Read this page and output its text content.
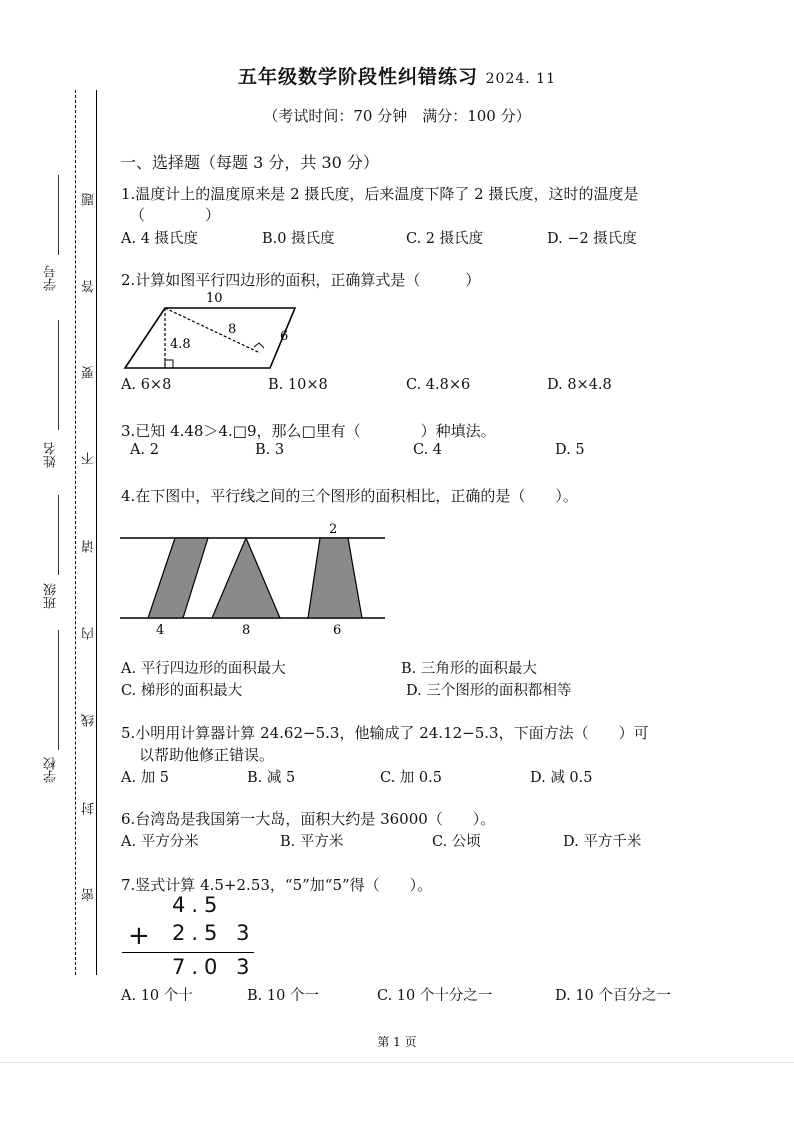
学号
姓名
班级
学校
题
答
要
不
请
内
线
封
密
五年级数学阶段性纠错练习 2024. 11
（考试时间：70 分钟　满分：100 分）
一、选择题（每题 3 分，共 30 分）
1.温度计上的温度原来是 2 摄氏度，后来温度下降了 2 摄氏度，这时的温度是
（　　　　）
A. 4 摄氏度	B.0 摄氏度	C. 2 摄氏度	D. −2 摄氏度
2.计算如图平行四边形的面积，正确算式是（　　　）
10
8	6
4.8
A. 6×8	B. 10×8	C. 4.8×6	D. 8×4.8
3.已知 4.48＞4.□9，那么□里有（　　　　）种填法。
A. 2	B. 3	C. 4	D. 5
4.在下图中，平行线之间的三个图形的面积相比，正确的是（　　）。
2
4	8	6
A. 平行四边形的面积最大	B. 三角形的面积最大
C. 梯形的面积最大	D. 三个图形的面积都相等
5.小明用计算器计算 24.62−5.3，他输成了 24.12−5.3，下面方法（　　）可
以帮助他修正错误。
A. 加 5	B. 减 5	C. 加 0.5	D. 减 0.5
6.台湾岛是我国第一大岛，面积大约是 36000（　　）。
A. 平方分米	B. 平方米	C. 公顷	D. 平方千米
7.竖式计算 4.5+2.53，“5”加“5”得（　　）。
4.5
+ 2.5 3
7.0 3
A. 10 个十	B. 10 个一	C. 10 个十分之一	D. 10 个百分之一
第 1 页
